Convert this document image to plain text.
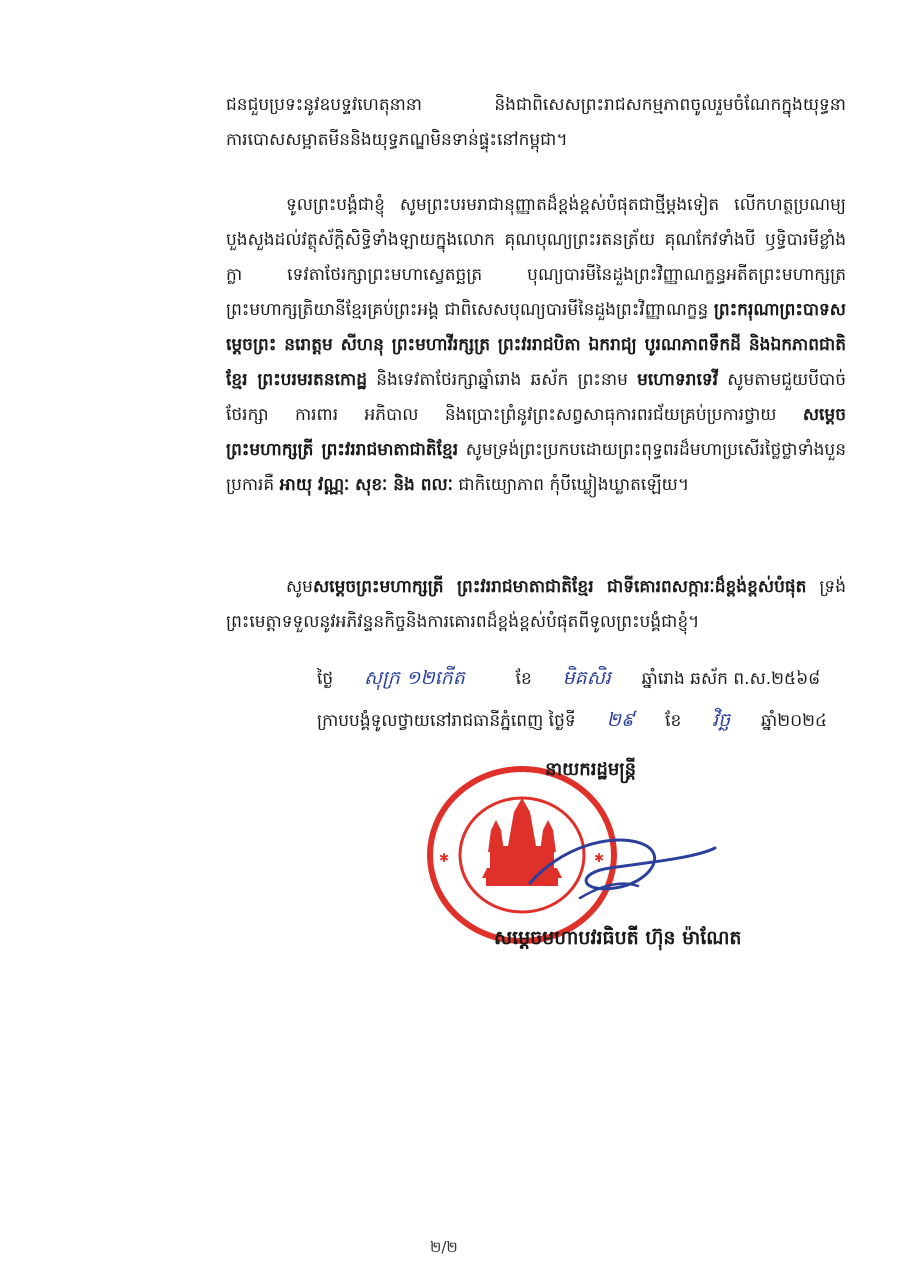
ជនជួបប្រទះនូវឧបទ្ទវហេតុនានា និងជាពិសេសព្រះរាជសកម្មភាពចូលរួមចំណែកក្នុងយុទ្ធនាការបោសសម្អាតមីននិងយុទ្ធភណ្ឌមិនទាន់ផ្ទុះនៅកម្ពុជា។
ទូលព្រះបង្គំជាខ្ញុំ សូមព្រះបរមរាជានុញ្ញាតដ៏ខ្ពង់ខ្ពស់បំផុតជាថ្មីម្តងទៀត លើកហត្ថប្រណម្យបួងសួងដល់វត្ថុស័ក្តិសិទ្ធិទាំងឡាយក្នុងលោក គុណបុណ្យព្រះរតនត្រ័យ គុណកែវទាំងបី ឫទ្ធិបារមីខ្លាំងក្លា ទេវតាថែរក្សាព្រះមហាស្វេតច្ឆត្រ បុណ្យបារមីនៃដួងព្រះវិញ្ញាណក្ខន្ធអតីតព្រះមហាក្សត្រ ព្រះមហាក្សត្រិយានីខ្មែរគ្រប់ព្រះអង្គ ជាពិសេសបុណ្យបារមីនៃដួងព្រះវិញ្ញាណក្ខន្ធ ព្រះករុណាព្រះបាទសម្តេចព្រះ នរោត្តម សីហនុ ព្រះមហាវីរក្សត្រ ព្រះវររាជបិតា ឯករាជ្យ បូរណភាពទឹកដី និងឯកភាពជាតិខ្មែរ ព្រះបរមរតនកោដ្ឋ និងទេវតាថែរក្សាឆ្នាំរោង ឆស័ក ព្រះនាម មហោទរាទេវី សូមតាមជួយបីបាច់ថែរក្សា ការពារ អភិបាល និងប្រោះព្រំនូវព្រះសព្វសាធុការពរជ័យគ្រប់ប្រការថ្វាយ សម្តេចព្រះមហាក្សត្រី ព្រះវររាជមាតាជាតិខ្មែរ សូមទ្រង់ព្រះប្រកបដោយព្រះពុទ្ធពរដ៏មហាប្រសើរថ្លៃថ្លាទាំងបួនប្រការគឺ អាយុ វណ្ណៈ សុខៈ និង ពលៈ ជាកិយ្យោភាព កុំបីឃ្លៀងឃ្លាតឡើយ។
សូមសម្តេចព្រះមហាក្សត្រី ព្រះវររាជមាតាជាតិខ្មែរ ជាទីគោរពសក្ការៈដ៏ខ្ពង់ខ្ពស់បំផុត ទ្រង់ព្រះមេត្តាទទួលនូវអភិវន្ទនកិច្ចនិងការគោរពដ៏ខ្ពង់ខ្ពស់បំផុតពីទូលព្រះបង្គំជាខ្ញុំ។
ថ្ងៃ សុក្រ ១២កើត	ខែ មិគសិរ ឆ្នាំរោង ឆស័ក ព.ស.២៥៦៨
ក្រាបបង្គំទូលថ្វាយនៅរាជធានីភ្នំពេញ ថ្ងៃទី ២៩ ខែ វិច្ឆ ឆ្នាំ២០២៤
✱	✱
នាយករដ្ឋមន្ត្រី
សម្តេចមហាបវរធិបតី ហ៊ុន ម៉ាណែត
២/២
